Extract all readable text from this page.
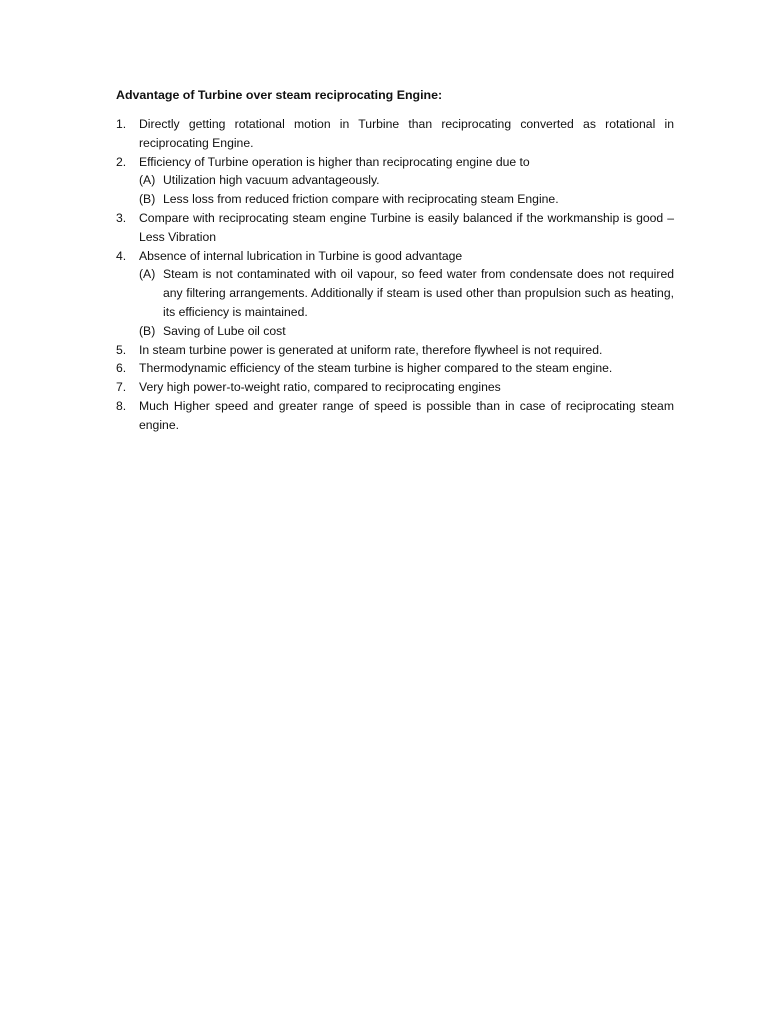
Advantage of Turbine over steam reciprocating Engine:
1.	Directly getting rotational motion in Turbine than reciprocating converted as rotational in reciprocating Engine.
2.	Efficiency of Turbine operation is higher than reciprocating engine due to
(A) Utilization high vacuum advantageously.
(B) Less loss from reduced friction compare with reciprocating steam Engine.
3.	Compare with reciprocating steam engine Turbine is easily balanced if the workmanship is good – Less Vibration
4.	Absence of internal lubrication in Turbine is good advantage
(A) Steam is not contaminated with oil vapour, so feed water from condensate does not required any filtering arrangements. Additionally if steam is used other than propulsion such as heating, its efficiency is maintained.
(B) Saving of Lube oil cost
5.	In steam turbine power is generated at uniform rate, therefore flywheel is not required.
6.	Thermodynamic efficiency of the steam turbine is higher compared to the steam engine.
7.	Very high power-to-weight ratio, compared to reciprocating engines
8.	Much Higher speed and greater range of speed is possible than in case of reciprocating steam engine.
